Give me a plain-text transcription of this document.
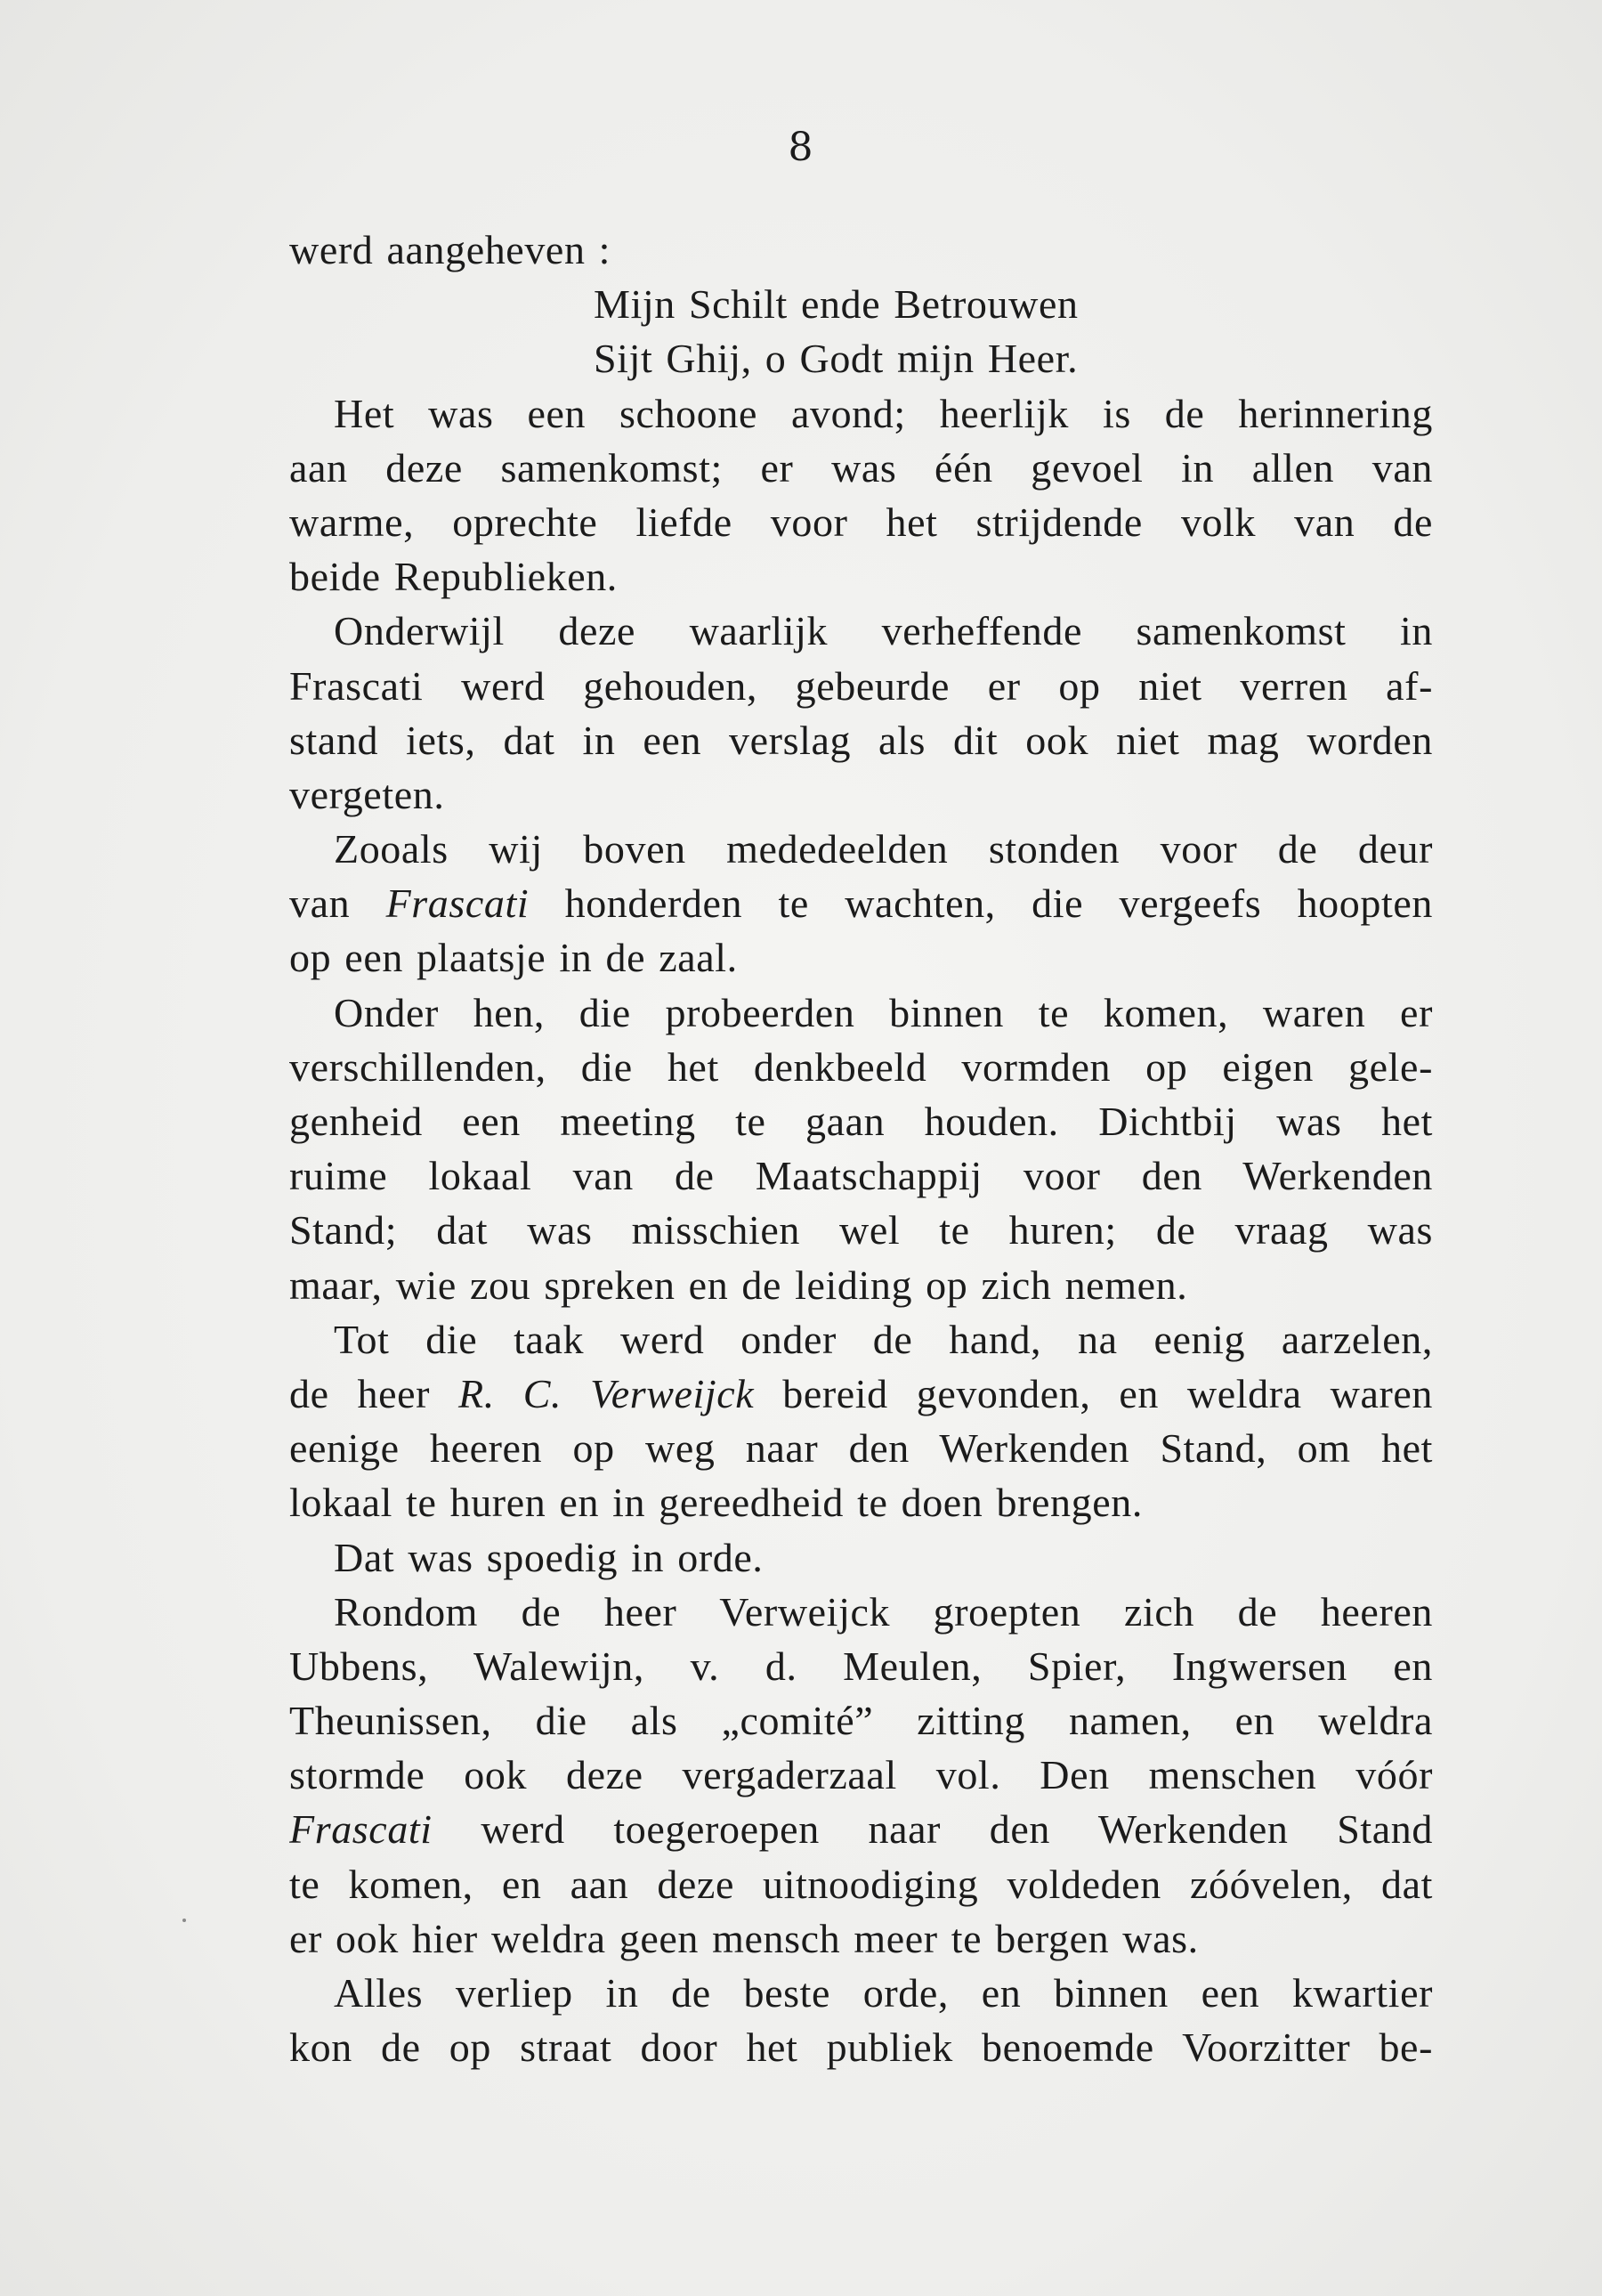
8
werd aangeheven :
Mijn Schilt ende Betrouwen
Sijt Ghij, o Godt mijn Heer.
Het was een schoone avond; heerlijk is de herinnering
aan deze samenkomst; er was één gevoel in allen van
warme, oprechte liefde voor het strijdende volk van de
beide Republieken.
Onderwijl deze waarlijk verheffende samenkomst in
Frascati werd gehouden, gebeurde er op niet verren af-
stand iets, dat in een verslag als dit ook niet mag worden
vergeten.
Zooals wij boven mededeelden stonden voor de deur
van Frascati honderden te wachten, die vergeefs hoopten
op een plaatsje in de zaal.
Onder hen, die probeerden binnen te komen, waren er
verschillenden, die het denkbeeld vormden op eigen gele-
genheid een meeting te gaan houden. Dichtbij was het
ruime lokaal van de Maatschappij voor den Werkenden
Stand; dat was misschien wel te huren; de vraag was
maar, wie zou spreken en de leiding op zich nemen.
Tot die taak werd onder de hand, na eenig aarzelen,
de heer R. C. Verweijck bereid gevonden, en weldra waren
eenige heeren op weg naar den Werkenden Stand, om het
lokaal te huren en in gereedheid te doen brengen.
Dat was spoedig in orde.
Rondom de heer Verweijck groepten zich de heeren
Ubbens, Walewijn, v. d. Meulen, Spier, Ingwersen en
Theunissen, die als „comité” zitting namen, en weldra
stormde ook deze vergaderzaal vol. Den menschen vóór
Frascati werd toegeroepen naar den Werkenden Stand
te komen, en aan deze uitnoodiging voldeden zóóvelen, dat
er ook hier weldra geen mensch meer te bergen was.
Alles verliep in de beste orde, en binnen een kwartier
kon de op straat door het publiek benoemde Voorzitter be-
